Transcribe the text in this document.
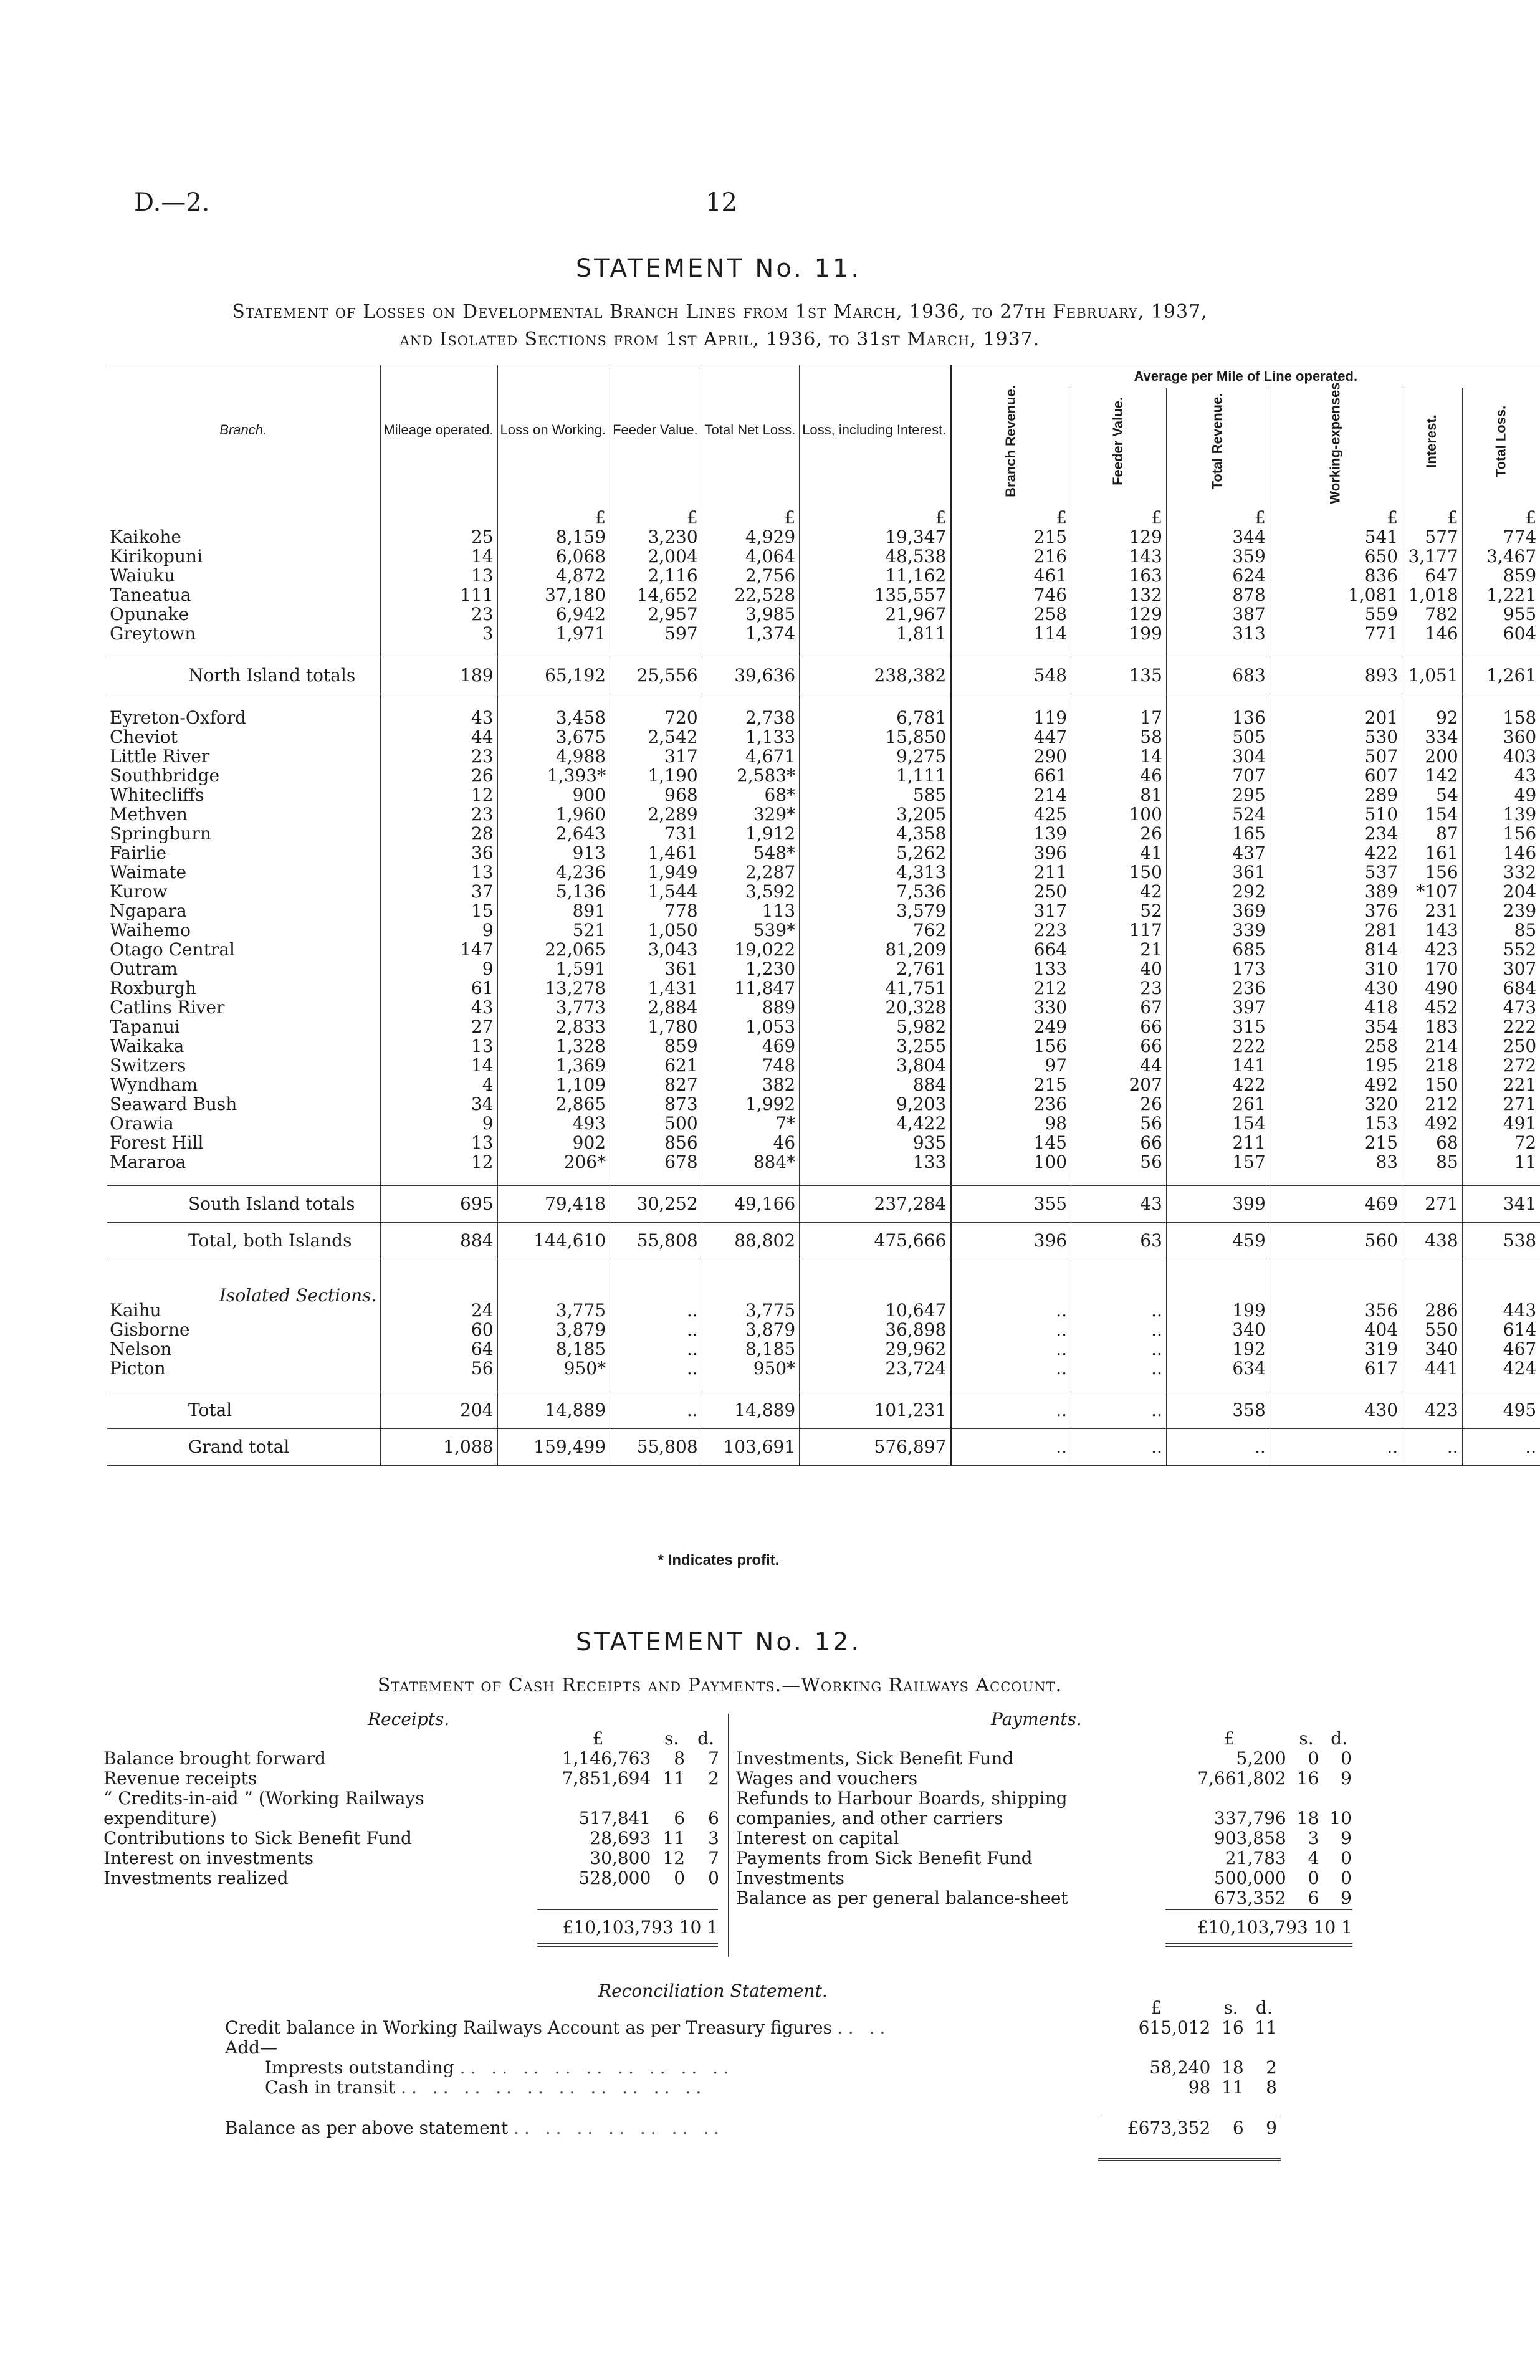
D.—2.	12
STATEMENT No. 11.
Statement of Losses on Developmental Branch Lines from 1st March, 1936, to 27th February, 1937,
and Isolated Sections from 1st April, 1936, to 31st March, 1937.
Branch.	Mileage operated.	Loss on Working.	Feeder Value.	Total Net Loss.	Loss, including Interest.	Average per Mile of Line operated.					
						Branch Revenue.	Feeder Value.	Total Revenue.	Working-expenses.	Interest.	Total Loss.

		£	£	£	£	£	£	£	£	£	£
Kaikohe	25	8,159	3,230	4,929	19,347	215	129	344	541	577	774
Kirikopuni	14	6,068	2,004	4,064	48,538	216	143	359	650	3,177	3,467
Waiuku	13	4,872	2,116	2,756	11,162	461	163	624	836	647	859
Taneatua	111	37,180	14,652	22,528	135,557	746	132	878	1,081	1,018	1,221
Opunake	23	6,942	2,957	3,985	21,967	258	129	387	559	782	955
Greytown	3	1,971	597	1,374	1,811	114	199	313	771	146	604

North Island totals	189	65,192	25,556	39,636	238,382	548	135	683	893	1,051	1,261

Eyreton-Oxford	43	3,458	720	2,738	6,781	119	17	136	201	92	158
Cheviot	44	3,675	2,542	1,133	15,850	447	58	505	530	334	360
Little River	23	4,988	317	4,671	9,275	290	14	304	507	200	403
Southbridge	26	1,393*	1,190	2,583*	1,111	661	46	707	607	142	43
Whitecliffs	12	900	968	68*	585	214	81	295	289	54	49
Methven	23	1,960	2,289	329*	3,205	425	100	524	510	154	139
Springburn	28	2,643	731	1,912	4,358	139	26	165	234	87	156
Fairlie	36	913	1,461	548*	5,262	396	41	437	422	161	146
Waimate	13	4,236	1,949	2,287	4,313	211	150	361	537	156	332
Kurow	37	5,136	1,544	3,592	7,536	250	42	292	389	*107	204
Ngapara	15	891	778	113	3,579	317	52	369	376	231	239
Waihemo	9	521	1,050	539*	762	223	117	339	281	143	85
Otago Central	147	22,065	3,043	19,022	81,209	664	21	685	814	423	552
Outram	9	1,591	361	1,230	2,761	133	40	173	310	170	307
Roxburgh	61	13,278	1,431	11,847	41,751	212	23	236	430	490	684
Catlins River	43	3,773	2,884	889	20,328	330	67	397	418	452	473
Tapanui	27	2,833	1,780	1,053	5,982	249	66	315	354	183	222
Waikaka	13	1,328	859	469	3,255	156	66	222	258	214	250
Switzers	14	1,369	621	748	3,804	97	44	141	195	218	272
Wyndham	4	1,109	827	382	884	215	207	422	492	150	221
Seaward Bush	34	2,865	873	1,992	9,203	236	26	261	320	212	271
Orawia	9	493	500	7*	4,422	98	56	154	153	492	491
Forest Hill	13	902	856	46	935	145	66	211	215	68	72
Mararoa	12	206*	678	884*	133	100	56	157	83	85	11

South Island totals	695	79,418	30,252	49,166	237,284	355	43	399	469	271	341
Total, both Islands	884	144,610	55,808	88,802	475,666	396	63	459	560	438	538

Isolated Sections.											
Kaihu	24	3,775	..	3,775	10,647	..	..	199	356	286	443
Gisborne	60	3,879	..	3,879	36,898	..	..	340	404	550	614
Nelson	64	8,185	..	8,185	29,962	..	..	192	319	340	467
Picton	56	950*	..	950*	23,724	..	..	634	617	441	424

Total	204	14,889	..	14,889	101,231	..	..	358	430	423	495
Grand total	1,088	159,499	55,808	103,691	576,897	..	..	..	..	..	..
* Indicates profit.
STATEMENT No. 12.
Statement of Cash Receipts and Payments.—Working Railways Account.
Receipts.
	£	s.	d.
Balance brought forward	1,146,763	8	7
Revenue receipts	7,851,694	11	2
“ Credits-in-aid ” (Working Railways expenditure)	517,841	6	6
Contributions to Sick Benefit Fund	28,693	11	3
Interest on investments	30,800	12	7
Investments realized	528,000	0	0
Payments.
	£	s.	d.
Investments, Sick Benefit Fund	5,200	0	0
Wages and vouchers	7,661,802	16	9
Refunds to Harbour Boards, shipping companies, and other carriers	337,796	18	10
Interest on capital	903,858	3	9
Payments from Sick Benefit Fund	21,783	4	0
Investments	500,000	0	0
Balance as per general balance-sheet	673,352	6	9
£10,103,793 10 1	£10,103,793 10 1
Reconciliation Statement.
	£	s.	d.
Credit balance in Working Railways Account as per Treasury figures .. ..	615,012	16	11
Add—			
Imprests outstanding .. .. .. .. .. .. .. .. ..	58,240	18	2
Cash in transit .. .. .. .. .. .. .. .. .. ..	98	11	8

Balance as per above statement .. .. .. .. .. .. ..	£673,352	6	9
